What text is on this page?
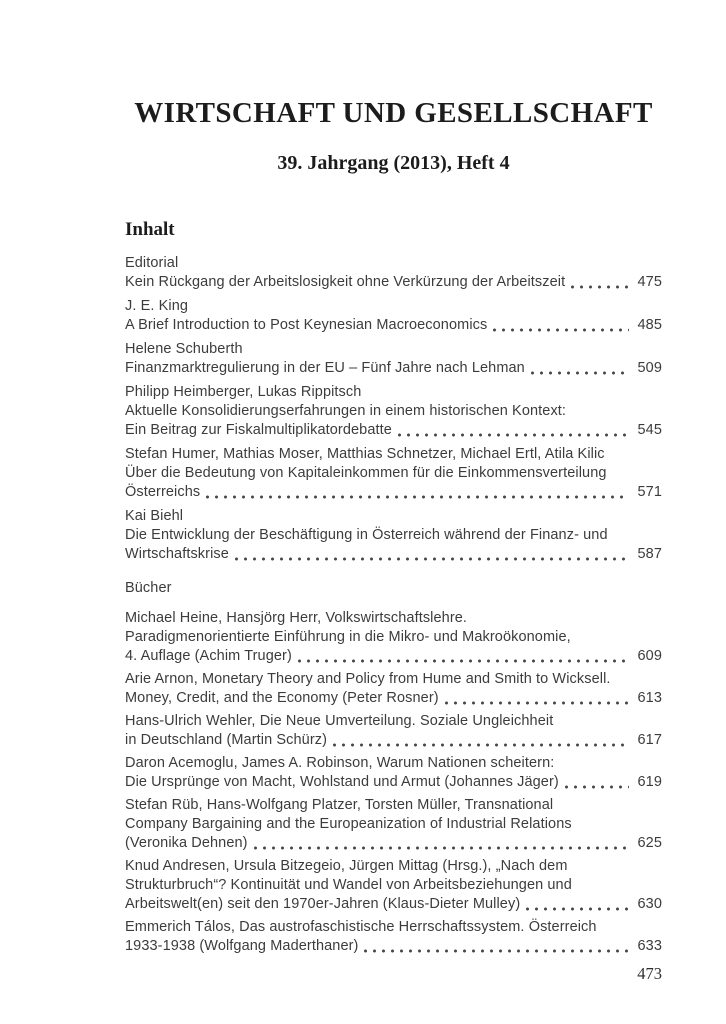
WIRTSCHAFT UND GESELLSCHAFT
39. Jahrgang (2013), Heft 4
Inhalt
Editorial
Kein Rückgang der Arbeitslosigkeit ohne Verkürzung der Arbeitszeit	475
J. E. King
A Brief Introduction to Post Keynesian Macroeconomics	485
Helene Schuberth
Finanzmarktregulierung in der EU – Fünf Jahre nach Lehman	509
Philipp Heimberger, Lukas Rippitsch
Aktuelle Konsolidierungserfahrungen in einem historischen Kontext:
Ein Beitrag zur Fiskalmultiplikatordebatte	545
Stefan Humer, Mathias Moser, Matthias Schnetzer, Michael Ertl, Atila Kilic
Über die Bedeutung von Kapitaleinkommen für die Einkommensverteilung
Österreichs	571
Kai Biehl
Die Entwicklung der Beschäftigung in Österreich während der Finanz- und
Wirtschaftskrise	587
Bücher
Michael Heine, Hansjörg Herr, Volkswirtschaftslehre.
Paradigmenorientierte Einführung in die Mikro- und Makroökonomie,
4. Auflage (Achim Truger)	609
Arie Arnon, Monetary Theory and Policy from Hume and Smith to Wicksell.
Money, Credit, and the Economy (Peter Rosner)	613
Hans-Ulrich Wehler, Die Neue Umverteilung. Soziale Ungleichheit
in Deutschland (Martin Schürz)	617
Daron Acemoglu, James A. Robinson, Warum Nationen scheitern:
Die Ursprünge von Macht, Wohlstand und Armut (Johannes Jäger)	619
Stefan Rüb, Hans-Wolfgang Platzer, Torsten Müller, Transnational
Company Bargaining and the Europeanization of Industrial Relations
(Veronika Dehnen)	625
Knud Andresen, Ursula Bitzegeio, Jürgen Mittag (Hrsg.), „Nach dem
Strukturbruch“? Kontinuität und Wandel von Arbeitsbeziehungen und
Arbeitswelt(en) seit den 1970er-Jahren (Klaus-Dieter Mulley)	630
Emmerich Tálos, Das austrofaschistische Herrschaftssystem. Österreich
1933-1938 (Wolfgang Maderthaner)	633
473
